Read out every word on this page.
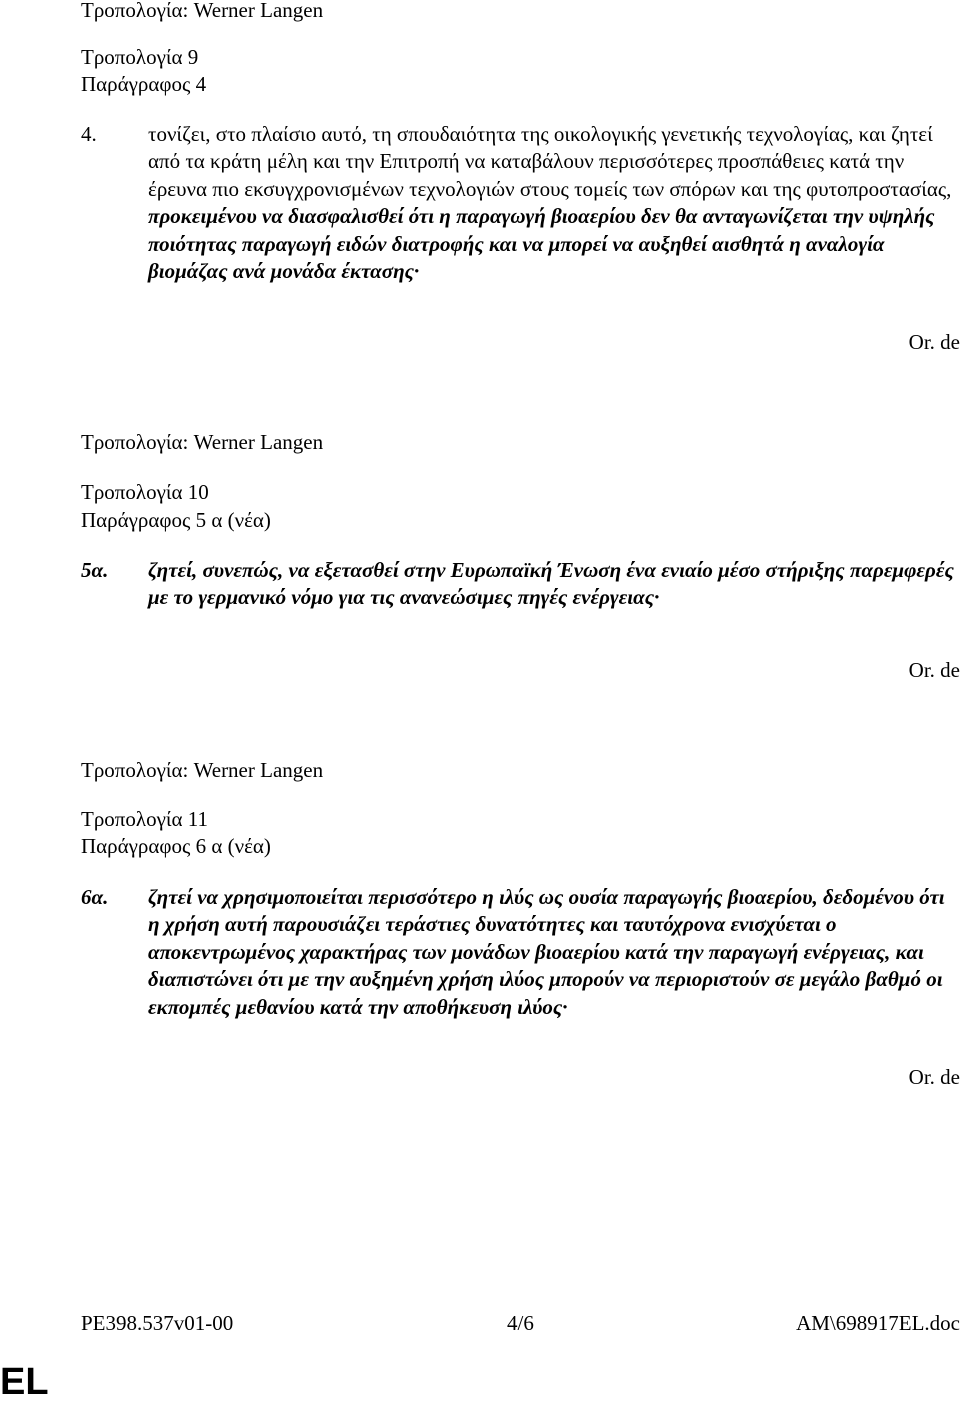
Τροπολογία: Werner Langen
Τροπολογία 9
Παράγραφος 4
4. τονίζει, στο πλαίσιο αυτό, τη σπουδαιότητα της οικολογικής γενετικής τεχνολογίας, και ζητεί από τα κράτη μέλη και την Επιτροπή να καταβάλουν περισσότερες προσπάθειες κατά την έρευνα πιο εκσυγχρονισμένων τεχνολογιών στους τομείς των σπόρων και της φυτοπροστασίας, προκειμένου να διασφαλισθεί ότι η παραγωγή βιοαερίου δεν θα ανταγωνίζεται την υψηλής ποιότητας παραγωγή ειδών διατροφής και να μπορεί να αυξηθεί αισθητά η αναλογία βιομάζας ανά μονάδα έκτασης·
Or. de
Τροπολογία: Werner Langen
Τροπολογία 10
Παράγραφος 5 α (νέα)
5α. ζητεί, συνεπώς, να εξετασθεί στην Ευρωπαϊκή Ένωση ένα ενιαίο μέσο στήριξης παρεμφερές με το γερμανικό νόμο για τις ανανεώσιμες πηγές ενέργειας·
Or. de
Τροπολογία: Werner Langen
Τροπολογία 11
Παράγραφος 6 α (νέα)
6α. ζητεί να χρησιμοποιείται περισσότερο η ιλύς ως ουσία παραγωγής βιοαερίου, δεδομένου ότι η χρήση αυτή παρουσιάζει τεράστιες δυνατότητες και ταυτόχρονα ενισχύεται ο αποκεντρωμένος χαρακτήρας των μονάδων βιοαερίου κατά την παραγωγή ενέργειας, και διαπιστώνει ότι με την αυξημένη χρήση ιλύος μπορούν να περιοριστούν σε μεγάλο βαθμό οι εκπομπές μεθανίου κατά την αποθήκευση ιλύος·
Or. de
PE398.537v01-00	4/6	AM\698917EL.doc
EL
